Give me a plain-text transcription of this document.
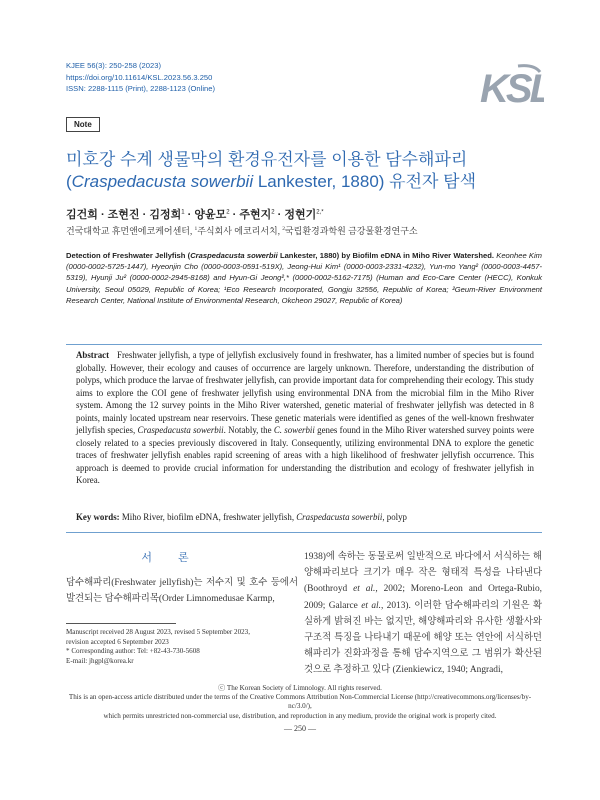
KJEE 56(3): 250-258 (2023)
https://doi.org/10.11614/KSL.2023.56.3.250
ISSN: 2288-1115 (Print), 2288-1123 (Online)	KSL
Note
미호강 수계 생물막의 환경유전자를 이용한 담수해파리
(Craspedacusta sowerbii Lankester, 1880) 유전자 탐색
김건희 · 조현진 · 김정희$^1$ · 양윤모$^2$ · 주현지$^2$ · 정현기$^{2,*}$
건국대학교 휴먼앤에코케어센터, $^1$주식회사 에코리서치, $^2$국립환경과학원 금강물환경연구소
Detection of Freshwater Jellyfish (Craspedacusta sowerbii Lankester, 1880) by Biofilm eDNA in Miho River Watershed. Keonhee Kim (0000-0002-5725-1447), Hyeonjin Cho (0000-0003-0591-519X), Jeong-Hui Kim¹ (0000-0003-2331-4232), Yun-mo Yang² (0000-0003-4457-5319), Hyunji Ju² (0000-0002-2945-8168) and Hyun-Gi Jeong²,* (0000-0002-5162-7175) (Human and Eco-Care Center (HECC), Konkuk University, Seoul 05029, Republic of Korea; ¹Eco Research Incorporated, Gongju 32556, Republic of Korea; ²Geum-River Environment Research Center, National Institute of Environmental Research, Okcheon 29027, Republic of Korea)
Abstract Freshwater jellyfish, a type of jellyfish exclusively found in freshwater, has a limited number of species but is found globally. However, their ecology and causes of occurrence are largely unknown. Therefore, understanding the distribution of polyps, which produce the larvae of freshwater jellyfish, can provide important data for comprehending their ecology. This study aims to explore the COI gene of freshwater jellyfish using environmental DNA from the microbial film in the Miho River system. Among the 12 survey points in the Miho River watershed, genetic material of freshwater jellyfish was detected in 8 points, mainly located upstream near reservoirs. These genetic materials were identified as genes of the well-known freshwater jellyfish species, Craspedacusta sowerbii. Notably, the C. sowerbii genes found in the Miho River watershed survey points were closely related to a species previously discovered in Italy. Consequently, utilizing environmental DNA to explore the genetic traces of freshwater jellyfish enables rapid screening of areas with a high likelihood of freshwater jellyfish occurrence. This approach is deemed to provide crucial information for understanding the distribution and ecology of freshwater jellyfish in Korea.
Key words: Miho River, biofilm eDNA, freshwater jellyfish, Craspedacusta sowerbii, polyp
서론
담수해파리(Freshwater jellyfish)는 저수지 및 호수 등에서 발견되는 담수해파리목(Order Limnomedusae Karmp,
1938)에 속하는 동물로써 일반적으로 바다에서 서식하는 해양해파리보다 크기가 매우 작은 형태적 특성을 나타낸다 (Boothroyd et al., 2002; Moreno-Leon and Ortega-Rubio, 2009; Galarce et al., 2013). 이러한 담수해파리의 기원은 확실하게 밝혀진 바는 없지만, 해양해파리와 유사한 생활사와 구조적 특징을 나타내기 때문에 해양 또는 연안에 서식하던 해파리가 진화과정을 통해 담수지역으로 그 범위가 확산된 것으로 추정하고 있다 (Zienkiewicz, 1940; Angradi,
Manuscript received 28 August 2023, revised 5 September 2023,
revision accepted 6 September 2023
* Corresponding author: Tel: +82-43-730-5608
E-mail: jhgpl@korea.kr
ⓒ The Korean Society of Limnology. All rights reserved.
This is an open-access article distributed under the terms of the Creative Commons Attribution Non-Commercial License (http://creativecommons.org/licenses/by-nc/3.0/),
which permits unrestricted non-commercial use, distribution, and reproduction in any medium, provide the original work is properly cited.
― 250 ―
